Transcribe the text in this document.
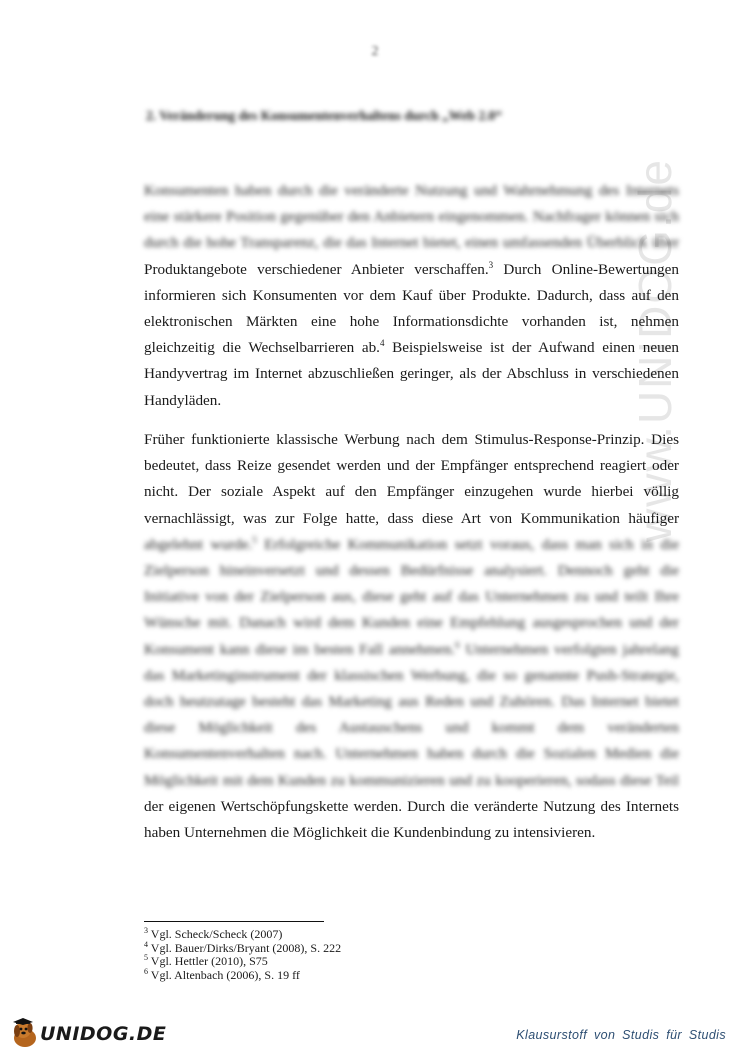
www.UNIDOG.de
2
2. Veränderung des Konsumentenverhaltens durch „Web 2.0“
Konsumenten haben durch die veränderte Nutzung und Wahrnehmung des Internets eine stärkere Position gegenüber den Anbietern eingenommen. Nachfrager können sich durch die hohe Transparenz, die das Internet bietet, einen umfassenden Überblick über Produktangebote verschiedener Anbieter verschaffen.$^3$ Durch Online-Bewertungen informieren sich Konsumenten vor dem Kauf über Produkte. Dadurch, dass auf den elektronischen Märkten eine hohe Informationsdichte vorhanden ist, nehmen gleichzeitig die Wechselbarrieren ab.$^4$ Beispielsweise ist der Aufwand einen neuen Handyvertrag im Internet abzuschließen geringer, als der Abschluss in verschiedenen Handyläden.
Früher funktionierte klassische Werbung nach dem Stimulus-Response-Prinzip. Dies bedeutet, dass Reize gesendet werden und der Empfänger entsprechend reagiert oder nicht. Der soziale Aspekt auf den Empfänger einzugehen wurde hierbei völlig vernachlässigt, was zur Folge hatte, dass diese Art von Kommunikation häufiger abgelehnt wurde.$^5$ Erfolgreiche Kommunikation setzt voraus, dass man sich in die Zielperson hineinversetzt und dessen Bedürfnisse analysiert. Dennoch geht die Initiative von der Zielperson aus, diese geht auf das Unternehmen zu und teilt Ihre Wünsche mit. Danach wird dem Kunden eine Empfehlung ausgesprochen und der Konsument kann diese im besten Fall annehmen.$^6$ Unternehmen verfolgten jahrelang das Marketinginstrument der klassischen Werbung, die so genannte Push-Strategie, doch heutzutage besteht das Marketing aus Reden und Zuhören. Das Internet bietet diese Möglichkeit des Austauschens und kommt dem veränderten Konsumentenverhalten nach. Unternehmen haben durch die Sozialen Medien die Möglichkeit mit dem Kunden zu kommunizieren und zu kooperieren, sodass diese Teil der eigenen Wertschöpfungskette werden. Durch die veränderte Nutzung des Internets haben Unternehmen die Möglichkeit die Kundenbindung zu intensivieren.
$^3$ Vgl. Scheck/Scheck (2007)
$^4$ Vgl. Bauer/Dirks/Bryant (2008), S. 222
$^5$ Vgl. Hettler (2010), S75
$^6$ Vgl. Altenbach (2006), S. 19 ff
UNIDOG.DE	Klausurstoff von Studis für Studis
